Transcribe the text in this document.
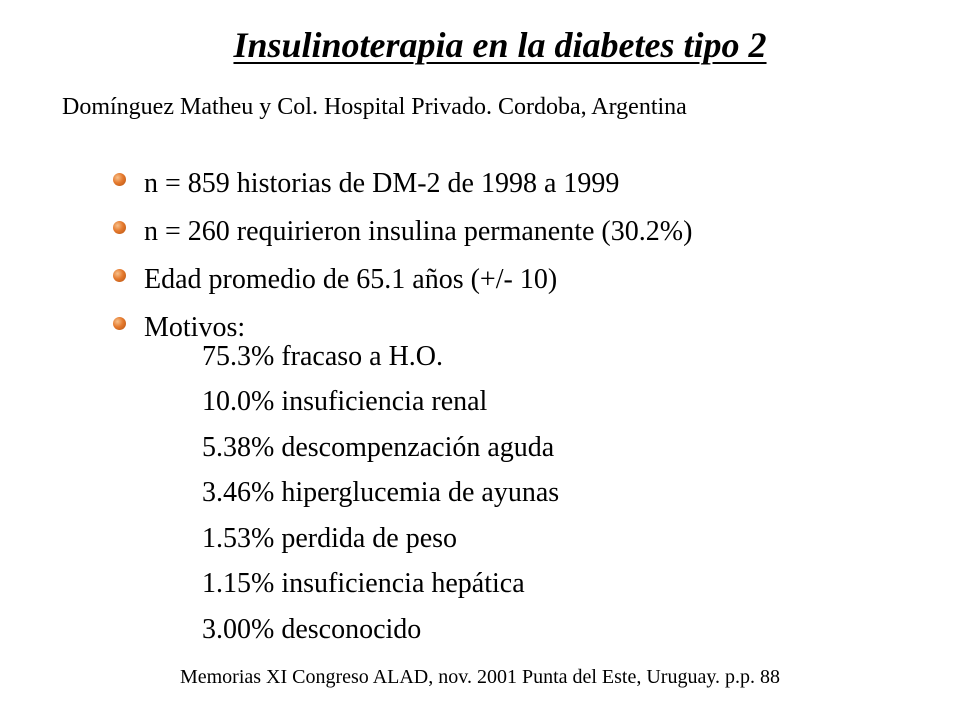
Insulinoterapia en la diabetes tipo 2
Domínguez Matheu y Col. Hospital Privado. Cordoba, Argentina
n = 859 historias de DM-2 de 1998 a 1999
n = 260 requirieron insulina permanente (30.2%)
Edad promedio de 65.1 años (+/- 10)
Motivos:
75.3% fracaso a H.O.
10.0% insuficiencia renal
5.38% descompenzación aguda
3.46% hiperglucemia de ayunas
1.53% perdida de peso
1.15% insuficiencia hepática
3.00% desconocido
Memorias XI Congreso ALAD, nov. 2001 Punta del Este, Uruguay. p.p. 88
